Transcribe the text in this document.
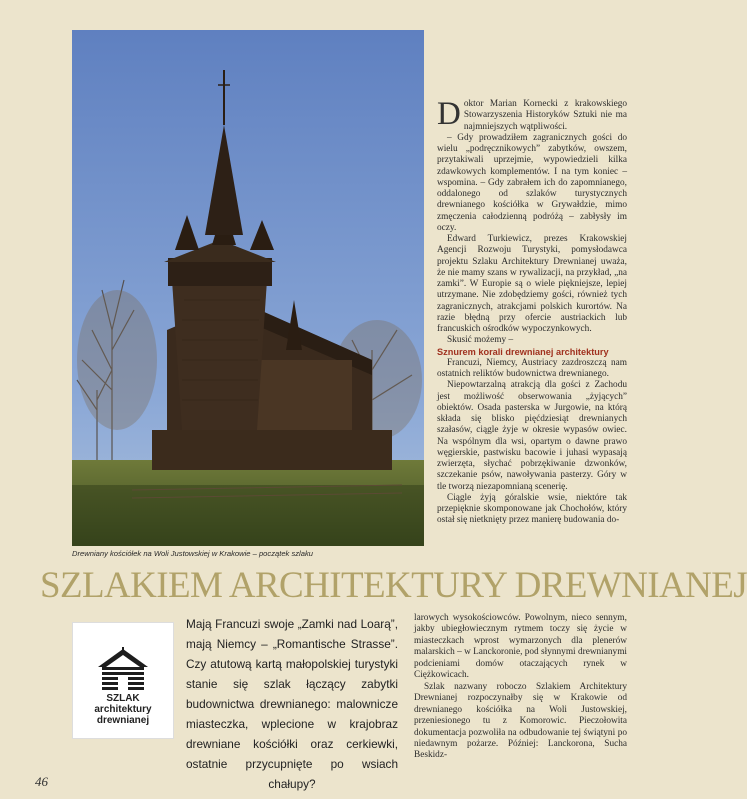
Drewniany kościółek na Woli Justowskiej w Krakowie – początek szlaku

Doktor Marian Kornecki z krakowskiego Stowarzyszenia Historyków Sztuki nie ma najmniejszych wątpliwości.

– Gdy prowadziłem zagranicznych gości do wielu „podręcznikowych” zabytków, owszem, przytakiwali uprzejmie, wypowiedzieli kilka zdawkowych komplementów. I na tym koniec – wspomina. – Gdy zabrałem ich do zapomnianego, oddalonego od szlaków turystycznych drewnianego kościółka w Grywałdzie, mimo zmęczenia całodzienną podróżą – zabłysły im oczy.

Edward Turkiewicz, prezes Krakowskiej Agencji Rozwoju Turystyki, pomysłodawca projektu Szlaku Architektury Drewnianej uważa, że nie mamy szans w rywalizacji, na przykład, „na zamki”. W Europie są o wiele piękniejsze, lepiej utrzymane. Nie zdobędziemy gości, również tych zagranicznych, atrakcjami polskich kurortów. Na razie błędną przy ofercie austriackich lub francuskich ośrodków wypoczynkowych.

Skusić możemy –

Sznurem korali drewnianej architektury

Francuzi, Niemcy, Austriacy zazdroszczą nam ostatnich reliktów budownictwa drewnianego.

Niepowtarzalną atrakcją dla gości z Zachodu jest możliwość obserwowania „żyjących” obiektów. Osada pasterska w Jurgowie, na którą składa się blisko pięćdziesiąt drewnianych szałasów, ciągle żyje w okresie wypasów owiec. Na wspólnym dla wsi, opartym o dawne prawo węgierskie, pastwisku bacowie i juhasi wypasają zwierzęta, słychać pobrzękiwanie dzwonków, szczekanie psów, nawoływania pasterzy. Góry w tle tworzą niezapomnianą scenerię.

Ciągle żyją góralskie wsie, niektóre tak przepięknie skomponowane jak Chochołów, który ostał się nietknięty przez manierę budowania do-

SZLAKIEM ARCHITEKTURY DREWNIANEJ
SZLAK
architektury
drewnianej
Mają Francuzi swoje „Zamki nad Loarą”, mają Niemcy – „Romantische Strasse”. Czy atutową kartą małopolskiej turystyki stanie się szlak łączący zabytki budownictwa drewnianego: malownicze miasteczka, wplecione w krajobraz drewniane kościółki oraz cerkiewki, ostatnie przycupnięte po wsiach chałupy?

larowych wysokościowców. Powolnym, nieco sennym, jakby ubiegłowiecznym rytmem toczy się życie w miasteczkach wprost wymarzonych dla plenerów malarskich – w Lanckoronie, pod słynnymi drewnianymi podcieniami domów otaczających rynek w Ciężkowicach.

Szlak nazwany roboczo Szlakiem Architektury Drewnianej rozpoczynałby się w Krakowie od drewnianego kościółka na Woli Justowskiej, przeniesionego tu z Komorowic. Pieczołowita dokumentacja pozwoliła na odbudowanie tej świątyni po niedawnym pożarze. Później: Lanckorona, Sucha Beskidz-

46
